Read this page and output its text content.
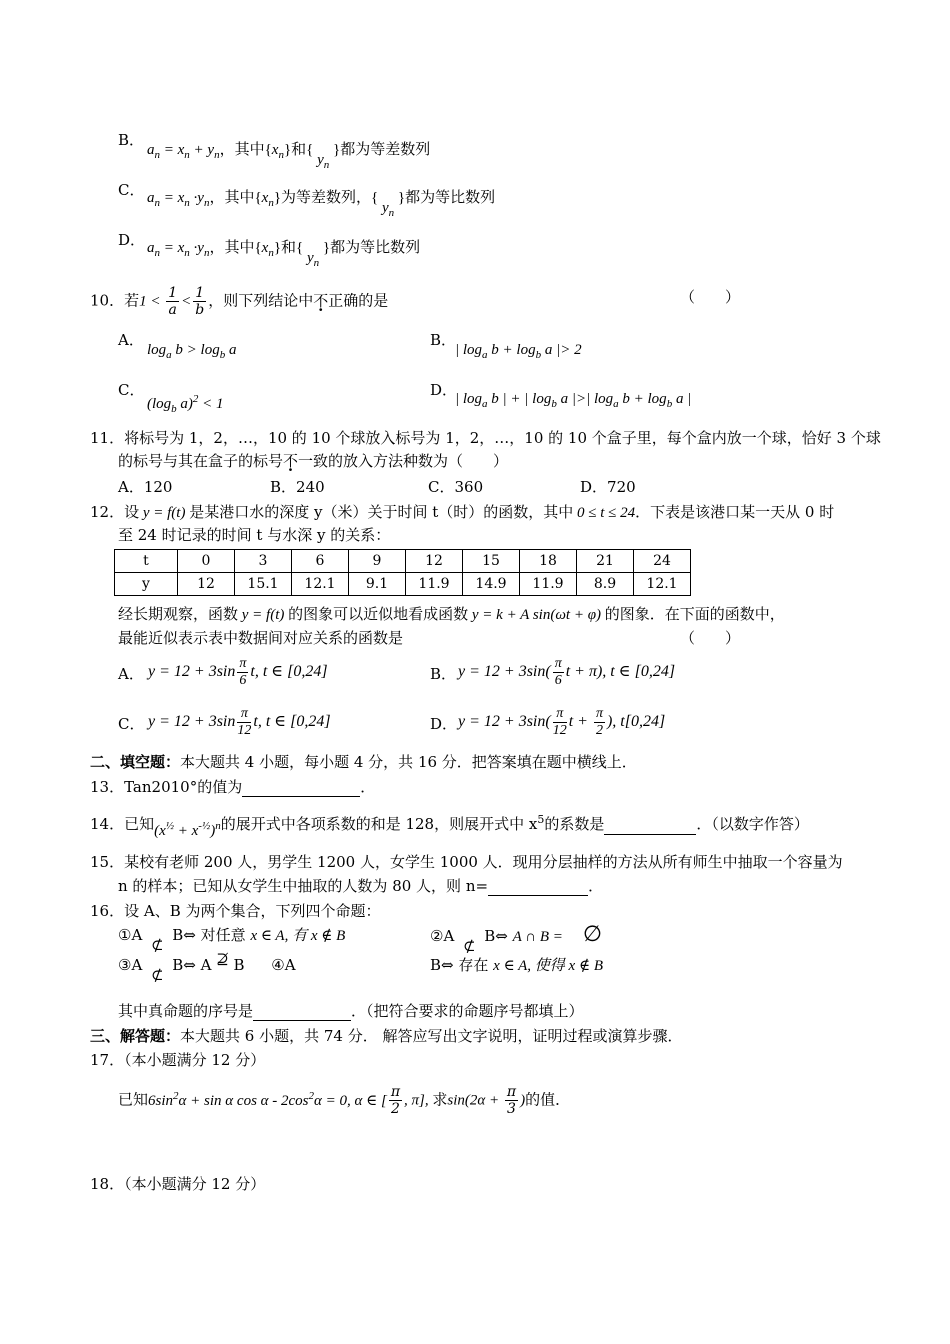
B．
$a_n = x_n + y_n$，其中$\{x_n\}$和{ $y_n$ }都为等差数列
C． $a_n = x_n \cdot y_n$，其中$\{x_n\}$为等差数列，{ $y_n$ }都为等比数列
D． $a_n = x_n \cdot y_n$，其中$\{x_n\}$和{ $y_n$ }都为等比数列
10．若$1 < \frac{1}{a} < \frac{1}{b}$ ，则下列结论中不正确的是	（　　）
A．
$\log_a b > \log_b a$
B．
| $\log_a b + \log_b a$ |> 2
C．
($\log_b$ a)$^2$ < 1
D．
| $\log_a b$ | + | $\log_b a$ |>| $\log_a b + \log_b a$ |
11．将标号为 1，2，…，10 的 10 个球放入标号为 1，2，…，10 的 10 个盒子里，每个盒内放一个球，恰好 3 个球
的标号与其在盒子的标号不一致的放入方法种数为（　　）
A．120	B．240	C．360	D．720
12．设 y = f(t) 是某港口水的深度 y（米）关于时间 t（时）的函数，其中 0 ≤ t ≤ 24．下表是该港口某一天从 0 时
至 24 时记录的时间 t 与水深 y 的关系：
t	0	3	6	9	12	15	18	21	24
y	12	15.1	12.1	9.1	11.9	14.9	11.9	8.9	12.1
经长期观察，函数 y = f(t) 的图象可以近似地看成函数 y = k + A sin(ωt + φ) 的图象．在下面的函数中，
最能近似表示表中数据间对应关系的函数是	（　　）
A． $y = 12 + 3\sin \frac{\pi}{6} t$, t ∈ [0,24]	B． $y = 12 + 3\sin( \frac{\pi}{6}$ t + π), t ∈ [0,24]
C． $y = 12 + 3\sin \frac{\pi}{12} t$, t ∈ [0,24]	D． $y = 12 + 3\sin( \frac{\pi}{12}$ $t + \frac{\pi}{2}$ ), t[0,24]
二、填空题：本大题共 4 小题，每小题 4 分，共 16 分．把答案填在题中横线上．
13．Tan2010°的值为	．
14．已知$(x^{\frac{1}{2}} + x^{-\frac{1}{2}})^n$的展开式中各项系数的和是 128，则展开式中 $x^5$的系数是	．（以数字作答）
15．某校有老师 200 人，男学生 1200 人，女学生 1000 人．现用分层抽样的方法从所有师生中抽取一个容量为
n 的样本；已知从女学生中抽取的人数为 80 人，则 n=	．
16．设 A、B 为两个集合，下列四个命题：
①A⊄B⇔ 对任意 x ∈ A, 有 x ∉ B	②A⊄B⇔ A ∩ B = ∅
③A⊄B⇔ A ⊉ B ④A	B⇔ 存在 x ∈ A, 使得 x ∉ B
其中真命题的序号是	．（把符合要求的命题序号都填上）
三、解答题：本大题共 6 小题，共 74 分． 解答应写出文字说明，证明过程或演算步骤．
17．（本小题满分 12 分）
已知$6\sin^2\alpha + \sin \alpha$ $\cos \alpha - 2\cos^2\alpha = 0$, α ∈ [ $\frac{\pi}{2}$ , π], 求$\sin(2\alpha + \frac{\pi}{3}$ )的值．
18．（本小题满分 12 分）
